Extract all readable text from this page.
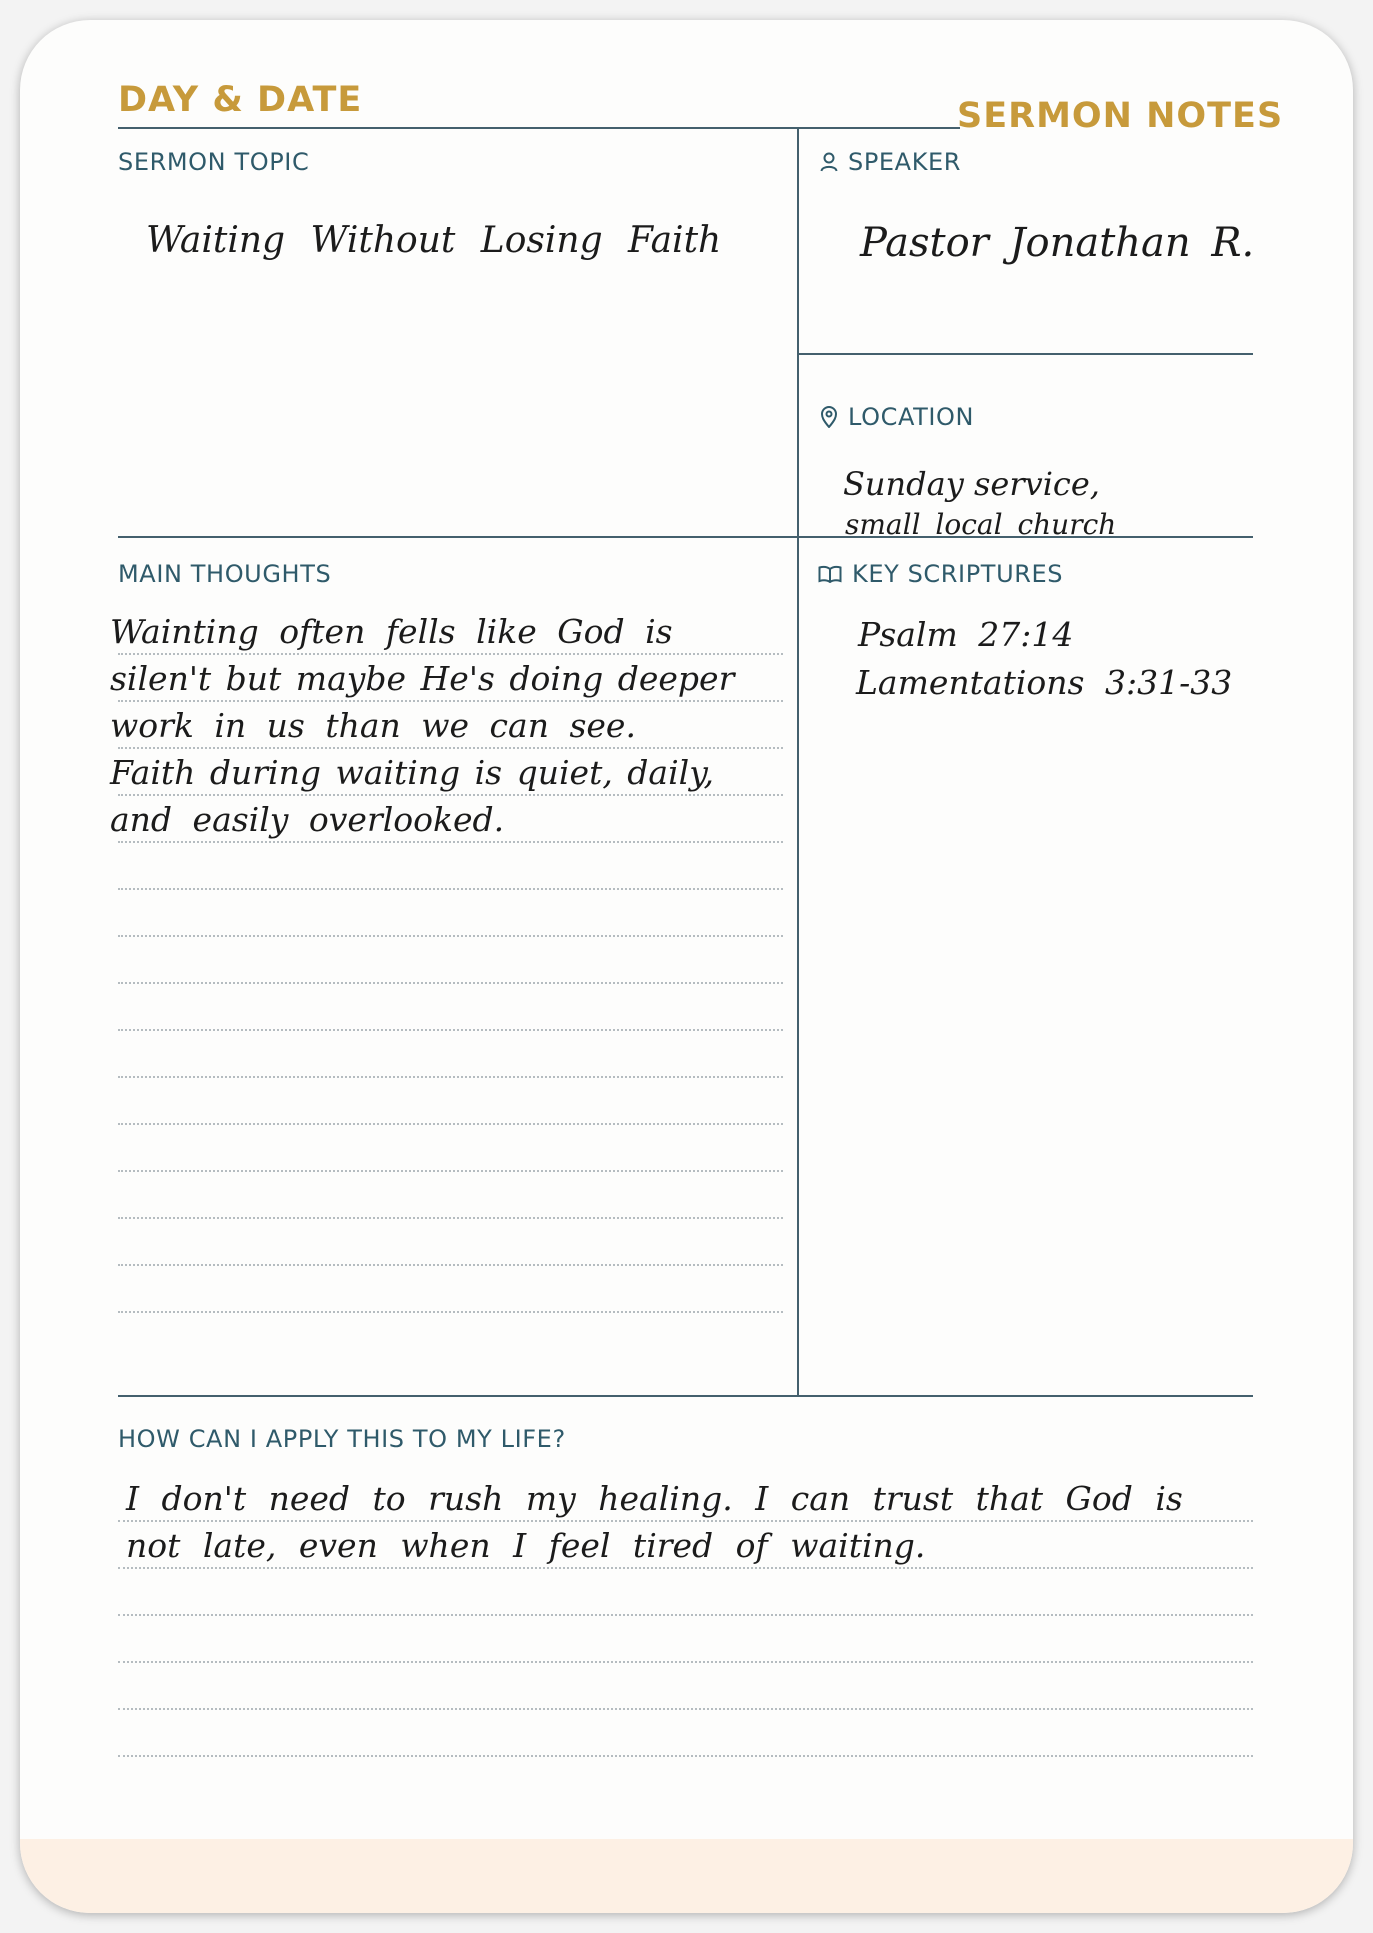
DAY & DATE	SERMON NOTES
SERMON TOPIC
Waiting Without Losing Faith
SPEAKER
Pastor Jonathan R.
LOCATION
Sunday service,
small local church
MAIN THOUGHTS
Wainting often fells like God is
silen't but maybe He's doing deeper
work in us than we can see.
Faith during waiting is quiet, daily,
and easily overlooked.
KEY SCRIPTURES
Psalm 27:14
Lamentations 3:31-33
HOW CAN I APPLY THIS TO MY LIFE?
I don't need to rush my healing. I can trust that God is
not late, even when I feel tired of waiting.
